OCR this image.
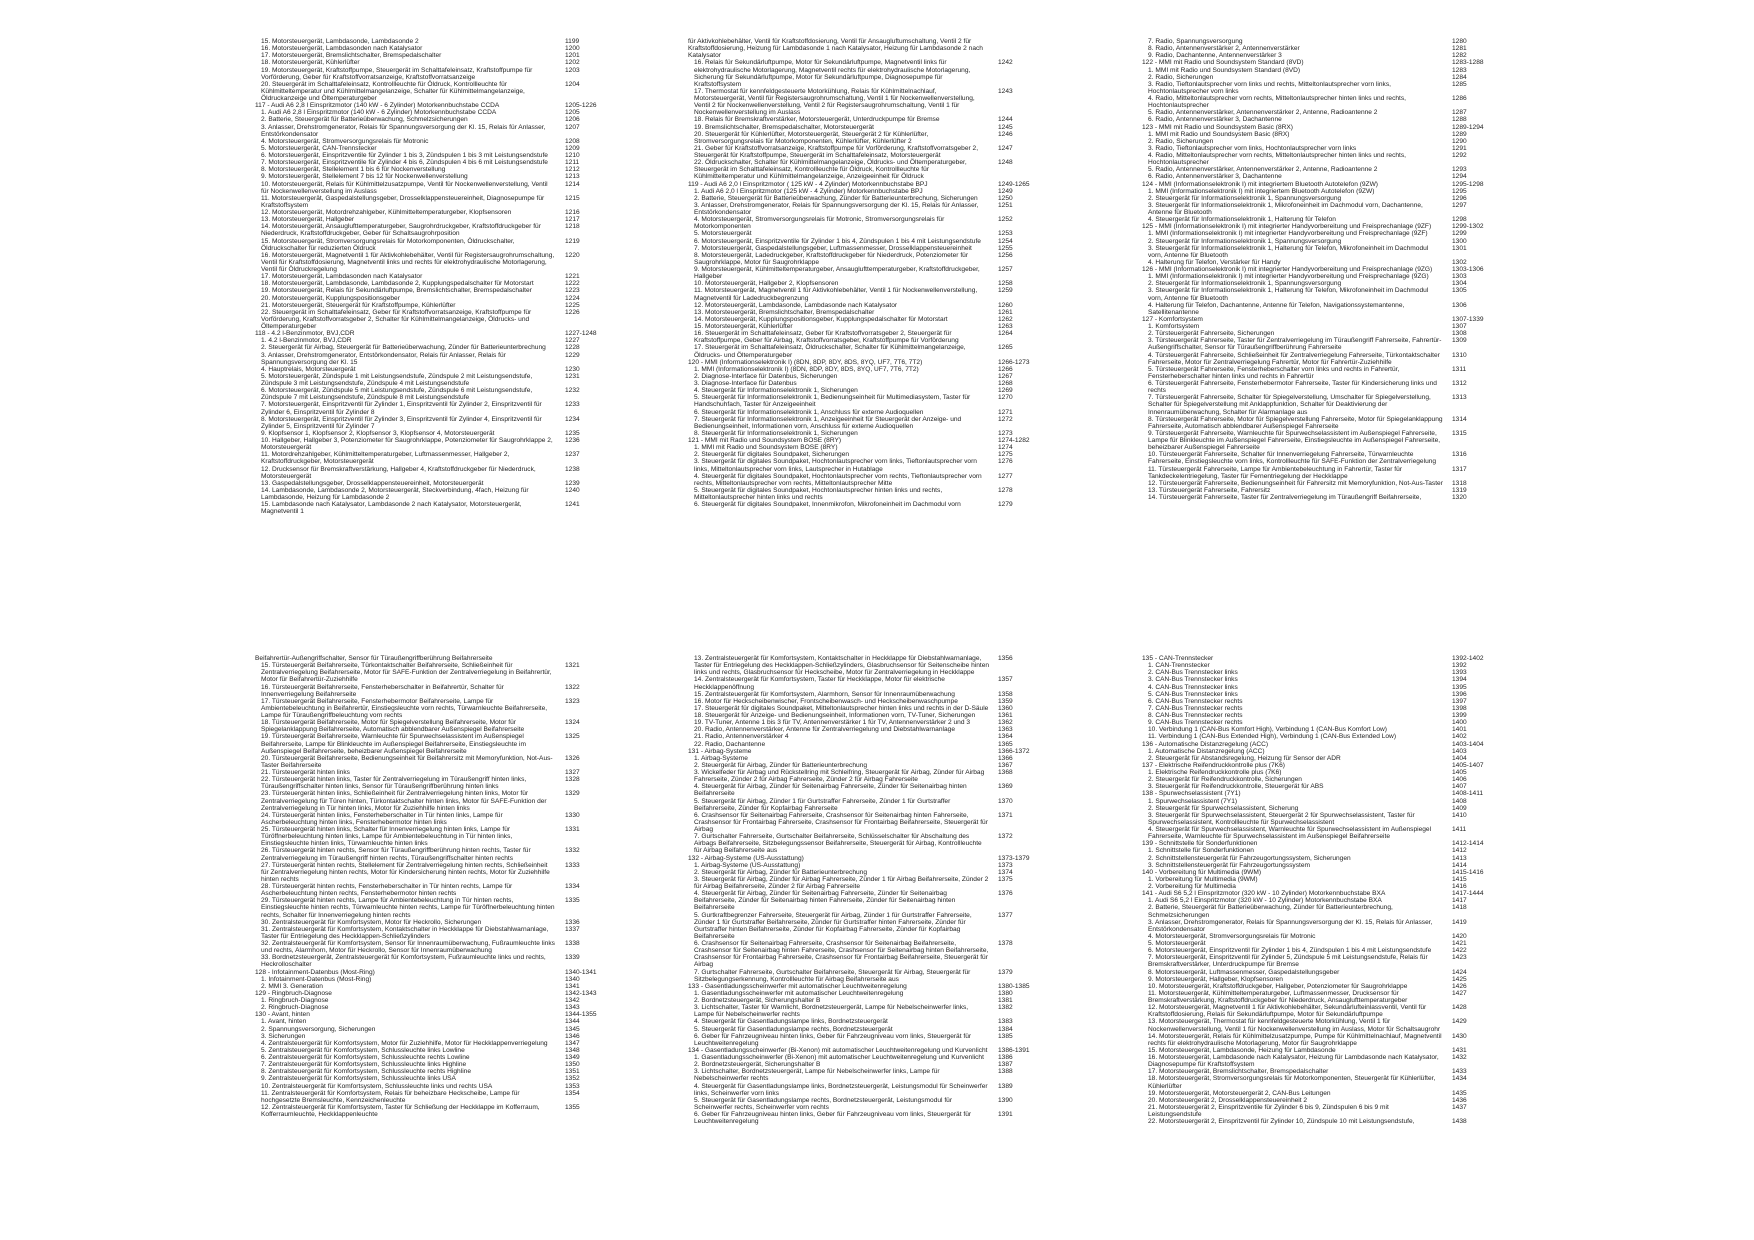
15. Motorsteuergerät, Lambdasonde, Lambdasonde 2	1199
16. Motorsteuergerät, Lambdasonden nach Katalysator	1200
17. Motorsteuergerät, Bremslichtschalter, Bremspedalschalter	1201
18. Motorsteuergerät, Kühlerlüfter	1202
19. Motorsteuergerät, Kraftstoffpumpe, Steuergerät im Schalttafeleinsatz, Kraftstoffpumpe für Vorförderung, Geber für Kraftstoffvorratsanzeige, Kraftstoffvorratsanzeige
1203
20. Steuergerät im Schalttafeleinsatz, Kontrollleuchte für Öldruck, Kontrollleuchte für Kühlmitteltemperatur und Kühlmittelmangelanzeige, Schalter für Kühlmittelmangelanzeige, Öldruckanzeige und Öltemperaturgeber
1204
117 - Audi A6 2,8 l Einspritzmotor (140 kW - 6 Zylinder) Motorkennbuchstabe CCDA	1205-1226
1. Audi A6 2,8 l Einspritzmotor (140 kW - 6 Zylinder) Motorkennbuchstabe CCDA	1205
2. Batterie, Steuergerät für Batterieüberwachung, Schmelzsicherungen	1206
3. Anlasser, Drehstromgenerator, Relais für Spannungsversorgung der Kl. 15, Relais für Anlasser, Entstörkondensator
1207
4. Motorsteuergerät, Stromversorgungsrelais für Motronic	1208
5. Motorsteuergerät, CAN-Trennstecker	1209
6. Motorsteuergerät, Einspritzventile für Zylinder 1 bis 3, Zündspulen 1 bis 3 mit Leistungsendstufe	1210
7. Motorsteuergerät, Einspritzventile für Zylinder 4 bis 6, Zündspulen 4 bis 6 mit Leistungsendstufe	1211
8. Motorsteuergerät, Stellelement 1 bis 6 für Nockenverstellung	1212
9. Motorsteuergerät, Stellelement 7 bis 12 für Nockenwellenverstellung	1213
10. Motorsteuergerät, Relais für Kühlmittelzusatzpumpe, Ventil für Nockenwellenverstellung, Ventil für Nockenwellenverstellung im Auslass
1214
11. Motorsteuergerät, Gaspedalstellungsgeber, Drosselklappensteuereinheit, Diagnosepumpe für Kraftstoffsystem
1215
12. Motorsteuergerät, Motordrehzahlgeber, Kühlmitteltemperaturgeber, Klopfsensoren	1216
13. Motorsteuergerät, Hallgeber	1217
14. Motorsteuergerät, Ansauglufttemperaturgeber, Saugrohrdruckgeber, Kraftstoffdruckgeber für Niederdruck, Kraftstoffdruckgeber, Geber für Schaltsaugrohrposition
1218
15. Motorsteuergerät, Stromversorgungsrelais für Motorkomponenten, Öldruckschalter, Öldruckschalter für reduzierten Öldruck
1219
16. Motorsteuergerät, Magnetventil 1 für Aktivkohlebehälter, Ventil für Registersaugrohrumschaltung, Ventil für Kraftstoffdosierung, Magnetventil links und rechts für elektrohydraulische Motorlagerung, Ventil für Öldruckregelung
1220
17. Motorsteuergerät, Lambdasonden nach Katalysator	1221
18. Motorsteuergerät, Lambdasonde, Lambdasonde 2, Kupplungspedalschalter für Motorstart	1222
19. Motorsteuergerät, Relais für Sekundärluftpumpe, Bremslichtschalter, Bremspedalschalter	1223
20. Motorsteuergerät, Kupplungspositionsgeber	1224
21. Motorsteuergerät, Steuergerät für Kraftstoffpumpe, Kühlerlüfter	1225
22. Steuergerät im Schalttafeleinsatz, Geber für Kraftstoffvorratsanzeige, Kraftstoffpumpe für Vorförderung, Kraftstoffvorratsgeber 2, Schalter für Kühlmittelmangelanzeige, Öldrucks- und Öltemperaturgeber
1226
118 - 4.2 l-Benzinmotor, BVJ,CDR	1227-1248
1. 4.2 l-Benzinmotor, BVJ,CDR	1227
2. Steuergerät für Airbag, Steuergerät für Batterieüberwachung, Zünder für Batterieunterbrechung	1228
3. Anlasser, Drehstromgenerator, Entstörkondensator, Relais für Anlasser, Relais für Spannungsversorgung der Kl. 15
1229
4. Hauptrelais, Motorsteuergerät	1230
5. Motorsteuergerät, Zündspule 1 mit Leistungsendstufe, Zündspule 2 mit Leistungsendstufe, Zündspule 3 mit Leistungsendstufe, Zündspule 4 mit Leistungsendstufe
1231
6. Motorsteuergerät, Zündspule 5 mit Leistungsendstufe, Zündspule 6 mit Leistungsendstufe, Zündspule 7 mit Leistungsendstufe, Zündspule 8 mit Leistungsendstufe
1232
7. Motorsteuergerät, Einspritzventil für Zylinder 1, Einspritzventil für Zylinder 2, Einspritzventil für Zylinder 6, Einspritzventil für Zylinder 8
1233
8. Motorsteuergerät, Einspritzventil für Zylinder 3, Einspritzventil für Zylinder 4, Einspritzventil für Zylinder 5, Einspritzventil für Zylinder 7
1234
9. Klopfsensor 1, Klopfsensor 2, Klopfsensor 3, Klopfsensor 4, Motorsteuergerät	1235
10. Hallgeber, Hallgeber 3, Potenziometer für Saugrohrklappe, Potenziometer für Saugrohrklappe 2, Motorsteuergerät
1236
11. Motordrehzahlgeber, Kühlmitteltemperaturgeber, Luftmassenmesser, Hallgeber 2, Kraftstoffdruckgeber, Motorsteuergerät
1237
12. Drucksensor für Bremskraftverstärkung, Hallgeber 4, Kraftstoffdruckgeber für Niederdruck, Motorsteuergerät
1238
13. Gaspedalstellungsgeber, Drosselklappensteuereinheit, Motorsteuergerät	1239
14. Lambdasonde, Lambdasonde 2, Motorsteuergerät, Steckverbindung, 4fach, Heizung für Lambdasonde, Heizung für Lambdasonde 2
1240
15. Lambdasonde nach Katalysator, Lambdasonde 2 nach Katalysator, Motorsteuergerät, Magnetventil 1
1241
für Aktivkohlebehälter, Ventil für Kraftstoffdosierung, Ventil für Ansaugluftumschaltung, Ventil 2 für Kraftstoffdosierung, Heizung für Lambdasonde 1 nach Katalysator, Heizung für Lambdasonde 2 nach Katalysator
16. Relais für Sekundärluftpumpe, Motor für Sekundärluftpumpe, Magnetventil links für elektrohydraulische Motorlagerung, Magnetventil rechts für elektrohydraulische Motorlagerung, Sicherung für Sekundärluftpumpe, Motor für Sekundärluftpumpe, Diagnosepumpe für Kraftstoffsystem
1242
17. Thermostat für kennfeldgesteuerte Motorkühlung, Relais für Kühlmittelnachlauf, Motorsteuergerät, Ventil für Registersaugrohrumschaltung, Ventil 1 für Nockenwellenverstellung, Ventil 2 für Nockenwellenverstellung, Ventil 2 für Registersaugrohrumschaltung, Ventil 1 für Nockenwellenverstellung im Auslass
1243
18. Relais für Bremskraftverstärker, Motorsteuergerät, Unterdruckpumpe für Bremse	1244
19. Bremslichtschalter, Bremspedalschalter, Motorsteuergerät	1245
20. Steuergerät für Kühlerlüfter, Motorsteuergerät, Steuergerät 2 für Kühlerlüfter, Stromversorgungsrelais für Motorkomponenten, Kühlerlüfter, Kühlerlüfter 2
1246
21. Geber für Kraftstoffvorratsanzeige, Kraftstoffpumpe für Vorförderung, Kraftstoffvorratsgeber 2, Steuergerät für Kraftstoffpumpe, Steuergerät im Schalttafeleinsatz, Motorsteuergerät
1247
22. Öldruckschalter, Schalter für Kühlmittelmangelanzeige, Öldrucks- und Öltemperaturgeber, Steuergerät im Schalttafeleinsatz, Kontrollleuchte für Öldruck, Kontrollleuchte für Kühlmitteltemperatur und Kühlmittelmangelanzeige, Anzeigeeinheit für Öldruck
1248
119 - Audi A6 2,0 l Einspritzmotor ( 125 kW - 4 Zylinder) Motorkennbuchstabe BPJ	1249-1265
1. Audi A6 2,0 l Einspritzmotor (125 kW - 4 Zylinder) Motorkennbuchstabe BPJ	1249
2. Batterie, Steuergerät für Batterieüberwachung, Zünder für Batterieunterbrechung, Sicherungen	1250
3. Anlasser, Drehstromgenerator, Relais für Spannungsversorgung der Kl. 15, Relais für Anlasser, Entstörkondensator
1251
4. Motorsteuergerät, Stromversorgungsrelais für Motronic, Stromversorgungsrelais für Motorkomponenten
1252
5. Motorsteuergerät	1253
6. Motorsteuergerät, Einspritzventile für Zylinder 1 bis 4, Zündspulen 1 bis 4 mit Leistungsendstufe	1254
7. Motorsteuergerät, Gaspedalstellungsgeber, Luftmassenmesser, Drosselklappensteuereinheit	1255
8. Motorsteuergerät, Ladedruckgeber, Kraftstoffdruckgeber für Niederdruck, Potenziometer für Saugrohrklappe, Motor für Saugrohrklappe
1256
9. Motorsteuergerät, Kühlmitteltemperaturgeber, Ansauglufttemperaturgeber, Kraftstoffdruckgeber, Hallgeber
1257
10. Motorsteuergerät, Hallgeber 2, Klopfsensoren	1258
11. Motorsteuergerät, Magnetventil 1 für Aktivkohlebehälter, Ventil 1 für Nockenwellenverstellung, Magnetventil für Ladedruckbegrenzung
1259
12. Motorsteuergerät, Lambdasonde, Lambdasonde nach Katalysator	1260
13. Motorsteuergerät, Bremslichtschalter, Bremspedalschalter	1261
14. Motorsteuergerät, Kupplungspositionsgeber, Kupplungspedalschalter für Motorstart	1262
15. Motorsteuergerät, Kühlerlüfter	1263
16. Steuergerät im Schalttafeleinsatz, Geber für Kraftstoffvorratsgeber 2, Steuergerät für Kraftstoffpumpe, Geber für Airbag, Kraftstoffvorratsgeber, Kraftstoffpumpe für Vorförderung
1264
17. Steuergerät im Schalttafeleinsatz, Öldruckschalter, Schalter für Kühlmittelmangelanzeige, Öldrucks- und Öltemperaturgeber
1265
120 - MMI (Informationselektronik I) (8DN, 8DP, 8DY, 8DS, 8YQ, UF7, 7T6, 7T2)	1266-1273
1. MMI (Informationselektronik I) (8DN, 8DP, 8DY, 8DS, 8YQ, UF7, 7T6, 7T2)	1266
2. Diagnose-Interface für Datenbus, Sicherungen	1267
3. Diagnose-Interface für Datenbus	1268
4. Steuergerät für Informationselektronik 1, Sicherungen	1269
5. Steuergerät für Informationselektronik 1, Bedienungseinheit für Multimediasystem, Taster für Handschuhfach, Taster für Anzeigeeinheit
1270
6. Steuergerät für Informationselektronik 1, Anschluss für externe Audioquellen	1271
7. Steuergerät für Informationselektronik 1, Anzeigeeinheit für Steuergerät der Anzeige- und Bedienungseinheit, Informationen vorn, Anschluss für externe Audioquellen
1272
8. Steuergerät für Informationselektronik 1, Sicherungen	1273
121 - MMI mit Radio und Soundsystem BOSE (8RY)	1274-1282
1. MMI mit Radio und Soundsystem BOSE (8RY)	1274
2. Steuergerät für digitales Soundpaket, Sicherungen	1275
3. Steuergerät für digitales Soundpaket, Hochtonlautsprecher vorn links, Tieftonlautsprecher vorn links, Mitteltonlautsprecher vorn links, Lautsprecher in Hutablage
1276
4. Steuergerät für digitales Soundpaket, Hochtonlautsprecher vorn rechts, Tieftonlautsprecher vorn rechts, Mitteltonlautsprecher vorn rechts, Mitteltonlautsprecher Mitte
1277
5. Steuergerät für digitales Soundpaket, Hochtonlautsprecher hinten links und rechts, Mitteltonlautsprecher hinten links und rechts
1278
6. Steuergerät für digitales Soundpaket, Innenmikrofon, Mikrofoneinheit im Dachmodul vorn	1279
7. Radio, Spannungsversorgung	1280
8. Radio, Antennenverstärker 2, Antennenverstärker	1281
9. Radio, Dachantenne, Antennenverstärker 3	1282
122 - MMI mit Radio und Soundsystem Standard (8VD)	1283-1288
1. MMI mit Radio und Soundsystem Standard (8VD)	1283
2. Radio, Sicherungen	1284
3. Radio, Tieftonlautsprecher vorn links und rechts, Mitteltonlautsprecher vorn links, Hochtonlautsprecher vorn links
1285
4. Radio, Mitteltonlautsprecher vorn rechts, Mitteltonlautsprecher hinten links und rechts, Hochtonlautsprecher
1286
5. Radio, Antennenverstärker, Antennenverstärker 2, Antenne, Radioantenne 2	1287
6. Radio, Antennenverstärker 3, Dachantenne	1288
123 - MMI mit Radio und Soundsystem Basic (8RX)	1289-1294
1. MMI mit Radio und Soundsystem Basic (8RX)	1289
2. Radio, Sicherungen	1290
3. Radio, Tieftonlautsprecher vorn links, Hochtonlautsprecher vorn links	1291
4. Radio, Mitteltonlautsprecher vorn rechts, Mitteltonlautsprecher hinten links und rechts, Hochtonlautsprecher
1292
5. Radio, Antennenverstärker, Antennenverstärker 2, Antenne, Radioantenne 2	1293
6. Radio, Antennenverstärker 3, Dachantenne	1294
124 - MMI (Informationselektronik I) mit integriertem Bluetooth Autotelefon (9ZW)	1295-1298
1. MMI (Informationselektronik I) mit integriertem Bluetooth Autotelefon (9ZW)	1295
2. Steuergerät für Informationselektronik 1, Spannungsversorgung	1296
3. Steuergerät für Informationselektronik 1, Mikrofoneinheit im Dachmodul vorn, Dachantenne, Antenne für Bluetooth
1297
4. Steuergerät für Informationselektronik 1, Halterung für Telefon	1298
125 - MMI (Informationselektronik I) mit integrierter Handyvorbereitung und Freisprechanlage (9ZF)	1299-1302
1. MMI (Informationselektronik I) mit integrierter Handyvorbereitung und Freisprechanlage (9ZF)	1299
2. Steuergerät für Informationselektronik 1, Spannungsversorgung	1300
3. Steuergerät für Informationselektronik 1, Halterung für Telefon, Mikrofoneinheit im Dachmodul vorn, Antenne für Bluetooth
1301
4. Halterung für Telefon, Verstärker für Handy	1302
126 - MMI (Informationselektronik I) mit integrierter Handyvorbereitung und Freisprechanlage (9ZG)	1303-1306
1. MMI (Informationselektronik I) mit integrierter Handyvorbereitung und Freisprechanlage (9ZG)	1303
2. Steuergerät für Informationselektronik 1, Spannungsversorgung	1304
3. Steuergerät für Informationselektronik 1, Halterung für Telefon, Mikrofoneinheit im Dachmodul vorn, Antenne für Bluetooth
1305
4. Halterung für Telefon, Dachantenne, Antenne für Telefon, Navigationssystemantenne, Satellitenantenne
1306
127 - Komfortsystem	1307-1339
1. Komfortsystem	1307
2. Türsteuergerät Fahrerseite, Sicherungen	1308
3. Türsteuergerät Fahrerseite, Taster für Zentralverriegelung im Türaußengriff Fahrerseite, Fahrertür-Außengriffschalter, Sensor für Türaußengriffberührung Fahrerseite
1309
4. Türsteuergerät Fahrerseite, Schließeinheit für Zentralverriegelung Fahrerseite, Türkontaktschalter Fahrerseite, Motor für Zentralverriegelung Fahrertür, Motor für Fahrertür-Zuziehhilfe
1310
5. Türsteuergerät Fahrerseite, Fensterheberschalter vorn links und rechts in Fahrertür, Fensterheberschalter hinten links und rechts in Fahrertür
1311
6. Türsteuergerät Fahrerseite, Fensterhebermotor Fahrerseite, Taster für Kindersicherung links und rechts
1312
7. Türsteuergerät Fahrerseite, Schalter für Spiegelverstellung, Umschalter für Spiegelverstellung, Schalter für Spiegelverstellung mit Anklappfunktion, Schalter für Deaktivierung der Innenraumüberwachung, Schalter für Alarmanlage aus
1313
8. Türsteuergerät Fahrerseite, Motor für Spiegelverstellung Fahrerseite, Motor für Spiegelanklappung Fahrerseite, Automatisch abblendbarer Außenspiegel Fahrerseite
1314
9. Türsteuergerät Fahrerseite, Warnleuchte für Spurwechselassistent im Außenspiegel Fahrerseite, Lampe für Blinkleuchte im Außenspiegel Fahrerseite, Einstiegsleuchte im Außenspiegel Fahrerseite, beheizbarer Außenspiegel Fahrerseite
1315
10. Türsteuergerät Fahrerseite, Schalter für Innenverriegelung Fahrerseite, Türwarnleuchte Fahrerseite, Einstiegsleuchte vorn links, Kontrollleuchte für SAFE-Funktion der Zentralverriegelung
1316
11. Türsteuergerät Fahrerseite, Lampe für Ambientebeleuchtung in Fahrertür, Taster für Tankdeckelentriegelung, Taster für Fernentriegelung der Heckklappe
1317
12. Türsteuergerät Fahrerseite, Bedienungseinheit für Fahrersitz mit Memoryfunktion, Not-Aus-Taster	1318
13. Türsteuergerät Fahrerseite, Fahrersitz	1319
14. Türsteuergerät Fahrerseite, Taster für Zentralverriegelung im Türaußengriff Beifahrerseite,	1320
Beifahrertür-Außengriffschalter, Sensor für Türaußengriffberührung Beifahrerseite
15. Türsteuergerät Beifahrerseite, Türkontaktschalter Beifahrerseite, Schließeinheit für Zentralverriegelung Beifahrerseite, Motor für SAFE-Funktion der Zentralverriegelung in Beifahrertür, Motor für Beifahrertür-Zuziehhilfe
1321
16. Türsteuergerät Beifahrerseite, Fensterheberschalter in Beifahrertür, Schalter für Innenverriegelung Beifahrerseite
1322
17. Türsteuergerät Beifahrerseite, Fensterhebermotor Beifahrerseite, Lampe für Ambientebeleuchtung in Beifahrertür, Einstiegsleuchte vorn rechts, Türwarnleuchte Beifahrerseite, Lampe für Türaußengriffbeleuchtung vorn rechts
1323
18. Türsteuergerät Beifahrerseite, Motor für Spiegelverstellung Beifahrerseite, Motor für Spiegelanklappung Beifahrerseite, Automatisch abblendbarer Außenspiegel Beifahrerseite
1324
19. Türsteuergerät Beifahrerseite, Warnleuchte für Spurwechselassistent im Außenspiegel Beifahrerseite, Lampe für Blinkleuchte im Außenspiegel Beifahrerseite, Einstiegsleuchte im Außenspiegel Beifahrerseite, beheizbarer Außenspiegel Beifahrerseite
1325
20. Türsteuergerät Beifahrerseite, Bedienungseinheit für Beifahrersitz mit Memoryfunktion, Not-Aus-Taster Beifahrerseite
1326
21. Türsteuergerät hinten links	1327
22. Türsteuergerät hinten links, Taster für Zentralverriegelung im Türaußengriff hinten links, Türaußengriffschalter hinten links, Sensor für Türaußengriffberührung hinten links
1328
23. Türsteuergerät hinten links, Schließeinheit für Zentralverriegelung hinten links, Motor für Zentralverriegelung für Türen hinten, Türkontaktschalter hinten links, Motor für SAFE-Funktion der Zentralverriegelung in Tür hinten links, Motor für Zuziehhilfe hinten links
1329
24. Türsteuergerät hinten links, Fensterheberschalter in Tür hinten links, Lampe für Ascherbeleuchtung hinten links, Fensterhebermotor hinten links
1330
25. Türsteuergerät hinten links, Schalter für Innenverriegelung hinten links, Lampe für Türöffnerbeleuchtung hinten links, Lampe für Ambientebeleuchtung in Tür hinten links, Einstiegsleuchte hinten links, Türwarnleuchte hinten links
1331
26. Türsteuergerät hinten rechts, Sensor für Türaußengriffberührung hinten rechts, Taster für Zentralverriegelung im Türaußengriff hinten rechts, Türaußengriffschalter hinten rechts
1332
27. Türsteuergerät hinten rechts, Stellelement für Zentralverriegelung hinten rechts, Schließeinheit für Zentralverriegelung hinten rechts, Motor für Kindersicherung hinten rechts, Motor für Zuziehhilfe hinten rechts
1333
28. Türsteuergerät hinten rechts, Fensterheberschalter in Tür hinten rechts, Lampe für Ascherbeleuchtung hinten rechts, Fensterhebermotor hinten rechts
1334
29. Türsteuergerät hinten rechts, Lampe für Ambientebeleuchtung in Tür hinten rechts, Einstiegsleuchte hinten rechts, Türwarnleuchte hinten rechts, Lampe für Türöffnerbeleuchtung hinten rechts, Schalter für Innenverriegelung hinten rechts
1335
30. Zentralsteuergerät für Komfortsystem, Motor für Heckrollo, Sicherungen	1336
31. Zentralsteuergerät für Komfortsystem, Kontaktschalter in Heckklappe für Diebstahlwarnanlage, Taster für Entriegelung des Heckklappen-Schließzylinders
1337
32. Zentralsteuergerät für Komfortsystem, Sensor für Innenraumüberwachung, Fußraumleuchte links und rechts, Alarmhorn, Motor für Heckrollo, Sensor für Innenraumüberwachung
1338
33. Bordnetzsteuergerät, Zentralsteuergerät für Komfortsystem, Fußraumleuchte links und rechts, Heckrolloschalter
1339
128 - Infotainment-Datenbus (Most-Ring)	1340-1341
1. Infotainment-Datenbus (Most-Ring)	1340
2. MMI 3. Generation	1341
129 - Ringbruch-Diagnose	1342-1343
1. Ringbruch-Diagnose	1342
2. Ringbruch-Diagnose	1343
130 - Avant, hinten	1344-1355
1. Avant, hinten	1344
2. Spannungsversorgung, Sicherungen	1345
3. Sicherungen	1346
4. Zentralsteuergerät für Komfortsystem, Motor für Zuziehhilfe, Motor für Heckklappenverriegelung	1347
5. Zentralsteuergerät für Komfortsystem, Schlussleuchte links Lowline	1348
6. Zentralsteuergerät für Komfortsystem, Schlussleuchte rechts Lowline	1349
7. Zentralsteuergerät für Komfortsystem, Schlussleuchte links Highline	1350
8. Zentralsteuergerät für Komfortsystem, Schlussleuchte rechts Highline	1351
9. Zentralsteuergerät für Komfortsystem, Schlussleuchte links USA	1352
10. Zentralsteuergerät für Komfortsystem, Schlussleuchte links und rechts USA	1353
11. Zentralsteuergerät für Komfortsystem, Relais für beheizbare Heckscheibe, Lampe für hochgesetzte Bremsleuchte, Kennzeichenleuchte
1354
12. Zentralsteuergerät für Komfortsystem, Taster für Schließung der Heckklappe im Kofferraum, Kofferraumleuchte, Heckklappenleuchte
1355
13. Zentralsteuergerät für Komfortsystem, Kontaktschalter in Heckklappe für Diebstahlwarnanlage, Taster für Entriegelung des Heckklappen-Schließzylinders, Glasbruchsensor für Seitenscheibe hinten links und rechts, Glasbruchsensor für Heckscheibe, Motor für Zentralverriegelung in Heckklappe
1356
14. Zentralsteuergerät für Komfortsystem, Taster für Heckklappe, Motor für elektrische Heckklappenöffnung
1357
15. Zentralsteuergerät für Komfortsystem, Alarmhorn, Sensor für Innenraumüberwachung	1358
16. Motor für Heckscheibenwischer, Frontscheibenwasch- und Heckscheibenwaschpumpe	1359
17. Steuergerät für digitales Soundpaket, Mitteltonlautsprecher hinten links und rechts in der D-Säule	1360
18. Steuergerät für Anzeige- und Bedienungseinheit, Informationen vorn, TV-Tuner, Sicherungen	1361
19. TV-Tuner, Antenne 1 bis 3 für TV, Antennenverstärker 1 für TV, Antennenverstärker 2 und 3	1362
20. Radio, Antennenverstärker, Antenne für Zentralverriegelung und Diebstahlwarnanlage	1363
21. Radio, Antennenverstärker 4	1364
22. Radio, Dachantenne	1365
131 - Airbag-Systeme	1366-1372
1. Airbag-Systeme	1366
2. Steuergerät für Airbag, Zünder für Batterieunterbrechung	1367
3. Wickelfeder für Airbag und Rückstellring mit Schleifring, Steuergerät für Airbag, Zünder für Airbag Fahrerseite, Zünder 2 für Airbag Fahrerseite, Zünder 2 für Airbag Fahrerseite
1368
4. Steuergerät für Airbag, Zünder für Seitenairbag Fahrerseite, Zünder für Seitenairbag hinten Beifahrerseite
1369
5. Steuergerät für Airbag, Zünder 1 für Gurtstraffer Fahrerseite, Zünder 1 für Gurtstraffer Beifahrerseite, Zünder für Kopfairbag Fahrerseite
1370
6. Crashsensor für Seitenairbag Fahrerseite, Crashsensor für Seitenairbag hinten Fahrerseite, Crashsensor für Frontairbag Fahrerseite, Crashsensor für Frontairbag Beifahrerseite, Steuergerät für Airbag
1371
7. Gurtschalter Fahrerseite, Gurtschalter Beifahrerseite, Schlüsselschalter für Abschaltung des Airbags Beifahrerseite, Sitzbelegungssensor Beifahrerseite, Steuergerät für Airbag, Kontrollleuchte für Airbag Beifahrerseite aus
1372
132 - Airbag-Systeme (US-Ausstattung)	1373-1379
1. Airbag-Systeme (US-Ausstattung)	1373
2. Steuergerät für Airbag, Zünder für Batterieunterbrechung	1374
3. Steuergerät für Airbag, Zünder für Airbag Fahrerseite, Zünder 1 für Airbag Beifahrerseite, Zünder 2 für Airbag Beifahrerseite, Zünder 2 für Airbag Fahrerseite
1375
4. Steuergerät für Airbag, Zünder für Seitenairbag Fahrerseite, Zünder für Seitenairbag Beifahrerseite, Zünder für Seitenairbag hinten Fahrerseite, Zünder für Seitenairbag hinten Beifahrerseite
1376
5. Gurtkraftbegrenzer Fahrerseite, Steuergerät für Airbag, Zünder 1 für Gurtstraffer Fahrerseite, Zünder 1 für Gurtstraffer Beifahrerseite, Zünder für Gurtstraffer hinten Fahrerseite, Zünder für Gurtstraffer hinten Beifahrerseite, Zünder für Kopfairbag Fahrerseite, Zünder für Kopfairbag Beifahrerseite
1377
6. Crashsensor für Seitenairbag Fahrerseite, Crashsensor für Seitenairbag Beifahrerseite, Crashsensor für Seitenairbag hinten Fahrerseite, Crashsensor für Seitenairbag hinten Beifahrerseite, Crashsensor für Frontairbag Fahrerseite, Crashsensor für Frontairbag Beifahrerseite, Steuergerät für Airbag
1378
7. Gurtschalter Fahrerseite, Gurtschalter Beifahrerseite, Steuergerät für Airbag, Steuergerät für Sitzbelegungserkennung, Kontrollleuchte für Airbag Beifahrerseite aus
1379
133 - Gasentladungsscheinwerfer mit automatischer Leuchtweitenregelung	1380-1385
1. Gasentladungsscheinwerfer mit automatischer Leuchtweitenregelung	1380
2. Bordnetzsteuergerät, Sicherungshalter B	1381
3. Lichtschalter, Taster für Warnlicht, Bordnetzsteuergerät, Lampe für Nebelscheinwerfer links, Lampe für Nebelscheinwerfer rechts
1382
4. Steuergerät für Gasentladungslampe links, Bordnetzsteuergerät	1383
5. Steuergerät für Gasentladungslampe rechts, Bordnetzsteuergerät	1384
6. Geber für Fahrzeugniveau hinten links, Geber für Fahrzeugniveau vorn links, Steuergerät für Leuchtweitenregelung
1385
134 - Gasentladungsscheinwerfer (Bi-Xenon) mit automatischer Leuchtweitenregelung und Kurvenlicht	1386-1391
1. Gasentladungsscheinwerfer (Bi-Xenon) mit automatischer Leuchtweitenregelung und Kurvenlicht	1386
2. Bordnetzsteuergerät, Sicherungshalter B	1387
3. Lichtschalter, Bordnetzsteuergerät, Lampe für Nebelscheinwerfer links, Lampe für Nebelscheinwerfer rechts
1388
4. Steuergerät für Gasentladungslampe links, Bordnetzsteuergerät, Leistungsmodul für Scheinwerfer links, Scheinwerfer vorn links
1389
5. Steuergerät für Gasentladungslampe rechts, Bordnetzsteuergerät, Leistungsmodul für Scheinwerfer rechts, Scheinwerfer vorn rechts
1390
6. Geber für Fahrzeugniveau hinten links, Geber für Fahrzeugniveau vorn links, Steuergerät für Leuchtweitenregelung
1391
135 - CAN-Trennstecker	1392-1402
1. CAN-Trennstecker	1392
2. CAN-Bus Trennstecker links	1393
3. CAN-Bus Trennstecker links	1394
4. CAN-Bus Trennstecker links	1395
5. CAN-Bus Trennstecker links	1396
6. CAN-Bus Trennstecker rechts	1397
7. CAN-Bus Trennstecker rechts	1398
8. CAN-Bus Trennstecker rechts	1399
9. CAN-Bus Trennstecker rechts	1400
10. Verbindung 1 (CAN-Bus Komfort High), Verbindung 1 (CAN-Bus Komfort Low)	1401
11. Verbindung 1 (CAN-Bus Extended High), Verbindung 1 (CAN-Bus Extended Low)	1402
136 - Automatische Distanzregelung (ACC)	1403-1404
1. Automatische Distanzregelung (ACC)	1403
2. Steuergerät für Abstandsregelung, Heizung für Sensor der ADR	1404
137 - Elektrische Reifendruckkontrolle plus (7K6)	1405-1407
1. Elektrische Reifendruckkontrolle plus (7K6)	1405
2. Steuergerät für Reifendruckkontrolle, Sicherungen	1406
3. Steuergerät für Reifendruckkontrolle, Steuergerät für ABS	1407
138 - Spurwechselassistent (7Y1)	1408-1411
1. Spurwechselassistent (7Y1)	1408
2. Steuergerät für Spurwechselassistent, Sicherung	1409
3. Steuergerät für Spurwechselassistent, Steuergerät 2 für Spurwechselassistent, Taster für Spurwechselassistent, Kontrollleuchte für Spurwechselassistent
1410
4. Steuergerät für Spurwechselassistent, Warnleuchte für Spurwechselassistent im Außenspiegel Fahrerseite, Warnleuchte für Spurwechselassistent im Außenspiegel Beifahrerseite
1411
139 - Schnittstelle für Sonderfunktionen	1412-1414
1. Schnittstelle für Sonderfunktionen	1412
2. Schnittstellensteuergerät für Fahrzeugortungssystem, Sicherungen	1413
3. Schnittstellensteuergerät für Fahrzeugortungssystem	1414
140 - Vorbereitung für Multimedia (9WM)	1415-1416
1. Vorbereitung für Multimedia (9WM)	1415
2. Vorbereitung für Multimedia	1416
141 - Audi S6 5,2 l Einspritzmotor (320 kW - 10 Zylinder) Motorkennbuchstabe BXA	1417-1444
1. Audi S6 5,2 l Einspritzmotor (320 kW - 10 Zylinder) Motorkennbuchstabe BXA	1417
2. Batterie, Steuergerät für Batterieüberwachung, Zünder für Batterieunterbrechung, Schmelzsicherungen
1418
3. Anlasser, Drehstromgenerator, Relais für Spannungsversorgung der Kl. 15, Relais für Anlasser, Entstörkondensator
1419
4. Motorsteuergerät, Stromversorgungsrelais für Motronic	1420
5. Motorsteuergerät	1421
6. Motorsteuergerät, Einspritzventil für Zylinder 1 bis 4, Zündspulen 1 bis 4 mit Leistungsendstufe	1422
7. Motorsteuergerät, Einspritzventil für Zylinder 5, Zündspule 5 mit Leistungsendstufe, Relais für Bremskraftverstärker, Unterdruckpumpe für Bremse
1423
8. Motorsteuergerät, Luftmassenmesser, Gaspedalstellungsgeber	1424
9. Motorsteuergerät, Hallgeber, Klopfsensoren	1425
10. Motorsteuergerät, Kraftstoffdruckgeber, Hallgeber, Potenziometer für Saugrohrklappe	1426
11. Motorsteuergerät, Kühlmitteltemperaturgeber, Luftmassenmesser, Drucksensor für Bremskraftverstärkung, Kraftstoffdruckgeber für Niederdruck, Ansauglufttemperaturgeber
1427
12. Motorsteuergerät, Magnetventil 1 für Aktivkohlebehälter, Sekundärlufteinlassventil, Ventil für Kraftstoffdosierung, Relais für Sekundärluftpumpe, Motor für Sekundärluftpumpe
1428
13. Motorsteuergerät, Thermostat für kennfeldgesteuerte Motorkühlung, Ventil 1 für Nockenwellenverstellung, Ventil 1 für Nockenwellenverstellung im Auslass, Motor für Schaltsaugrohr
1429
14. Motorsteuergerät, Relais für Kühlmittelzusatzpumpe, Pumpe für Kühlmittelnachlauf, Magnetventil rechts für elektrohydraulische Motorlagerung, Motor für Saugrohrklappe
1430
15. Motorsteuergerät, Lambdasonde, Heizung für Lambdasonde	1431
16. Motorsteuergerät, Lambdasonde nach Katalysator, Heizung für Lambdasonde nach Katalysator, Diagnosepumpe für Kraftstoffsystem
1432
17. Motorsteuergerät, Bremslichtschalter, Bremspedalschalter	1433
18. Motorsteuergerät, Stromversorgungsrelais für Motorkomponenten, Steuergerät für Kühlerlüfter, Kühlerlüfter
1434
19. Motorsteuergerät, Motorsteuergerät 2, CAN-Bus Leitungen	1435
20. Motorsteuergerät 2, Drosselklappensteuereinheit 2	1436
21. Motorsteuergerät 2, Einspritzventile für Zylinder 6 bis 9, Zündspulen 6 bis 9 mit Leistungsendstufe
1437
22. Motorsteuergerät 2, Einspritzventil für Zylinder 10, Zündspule 10 mit Leistungsendstufe,	1438
